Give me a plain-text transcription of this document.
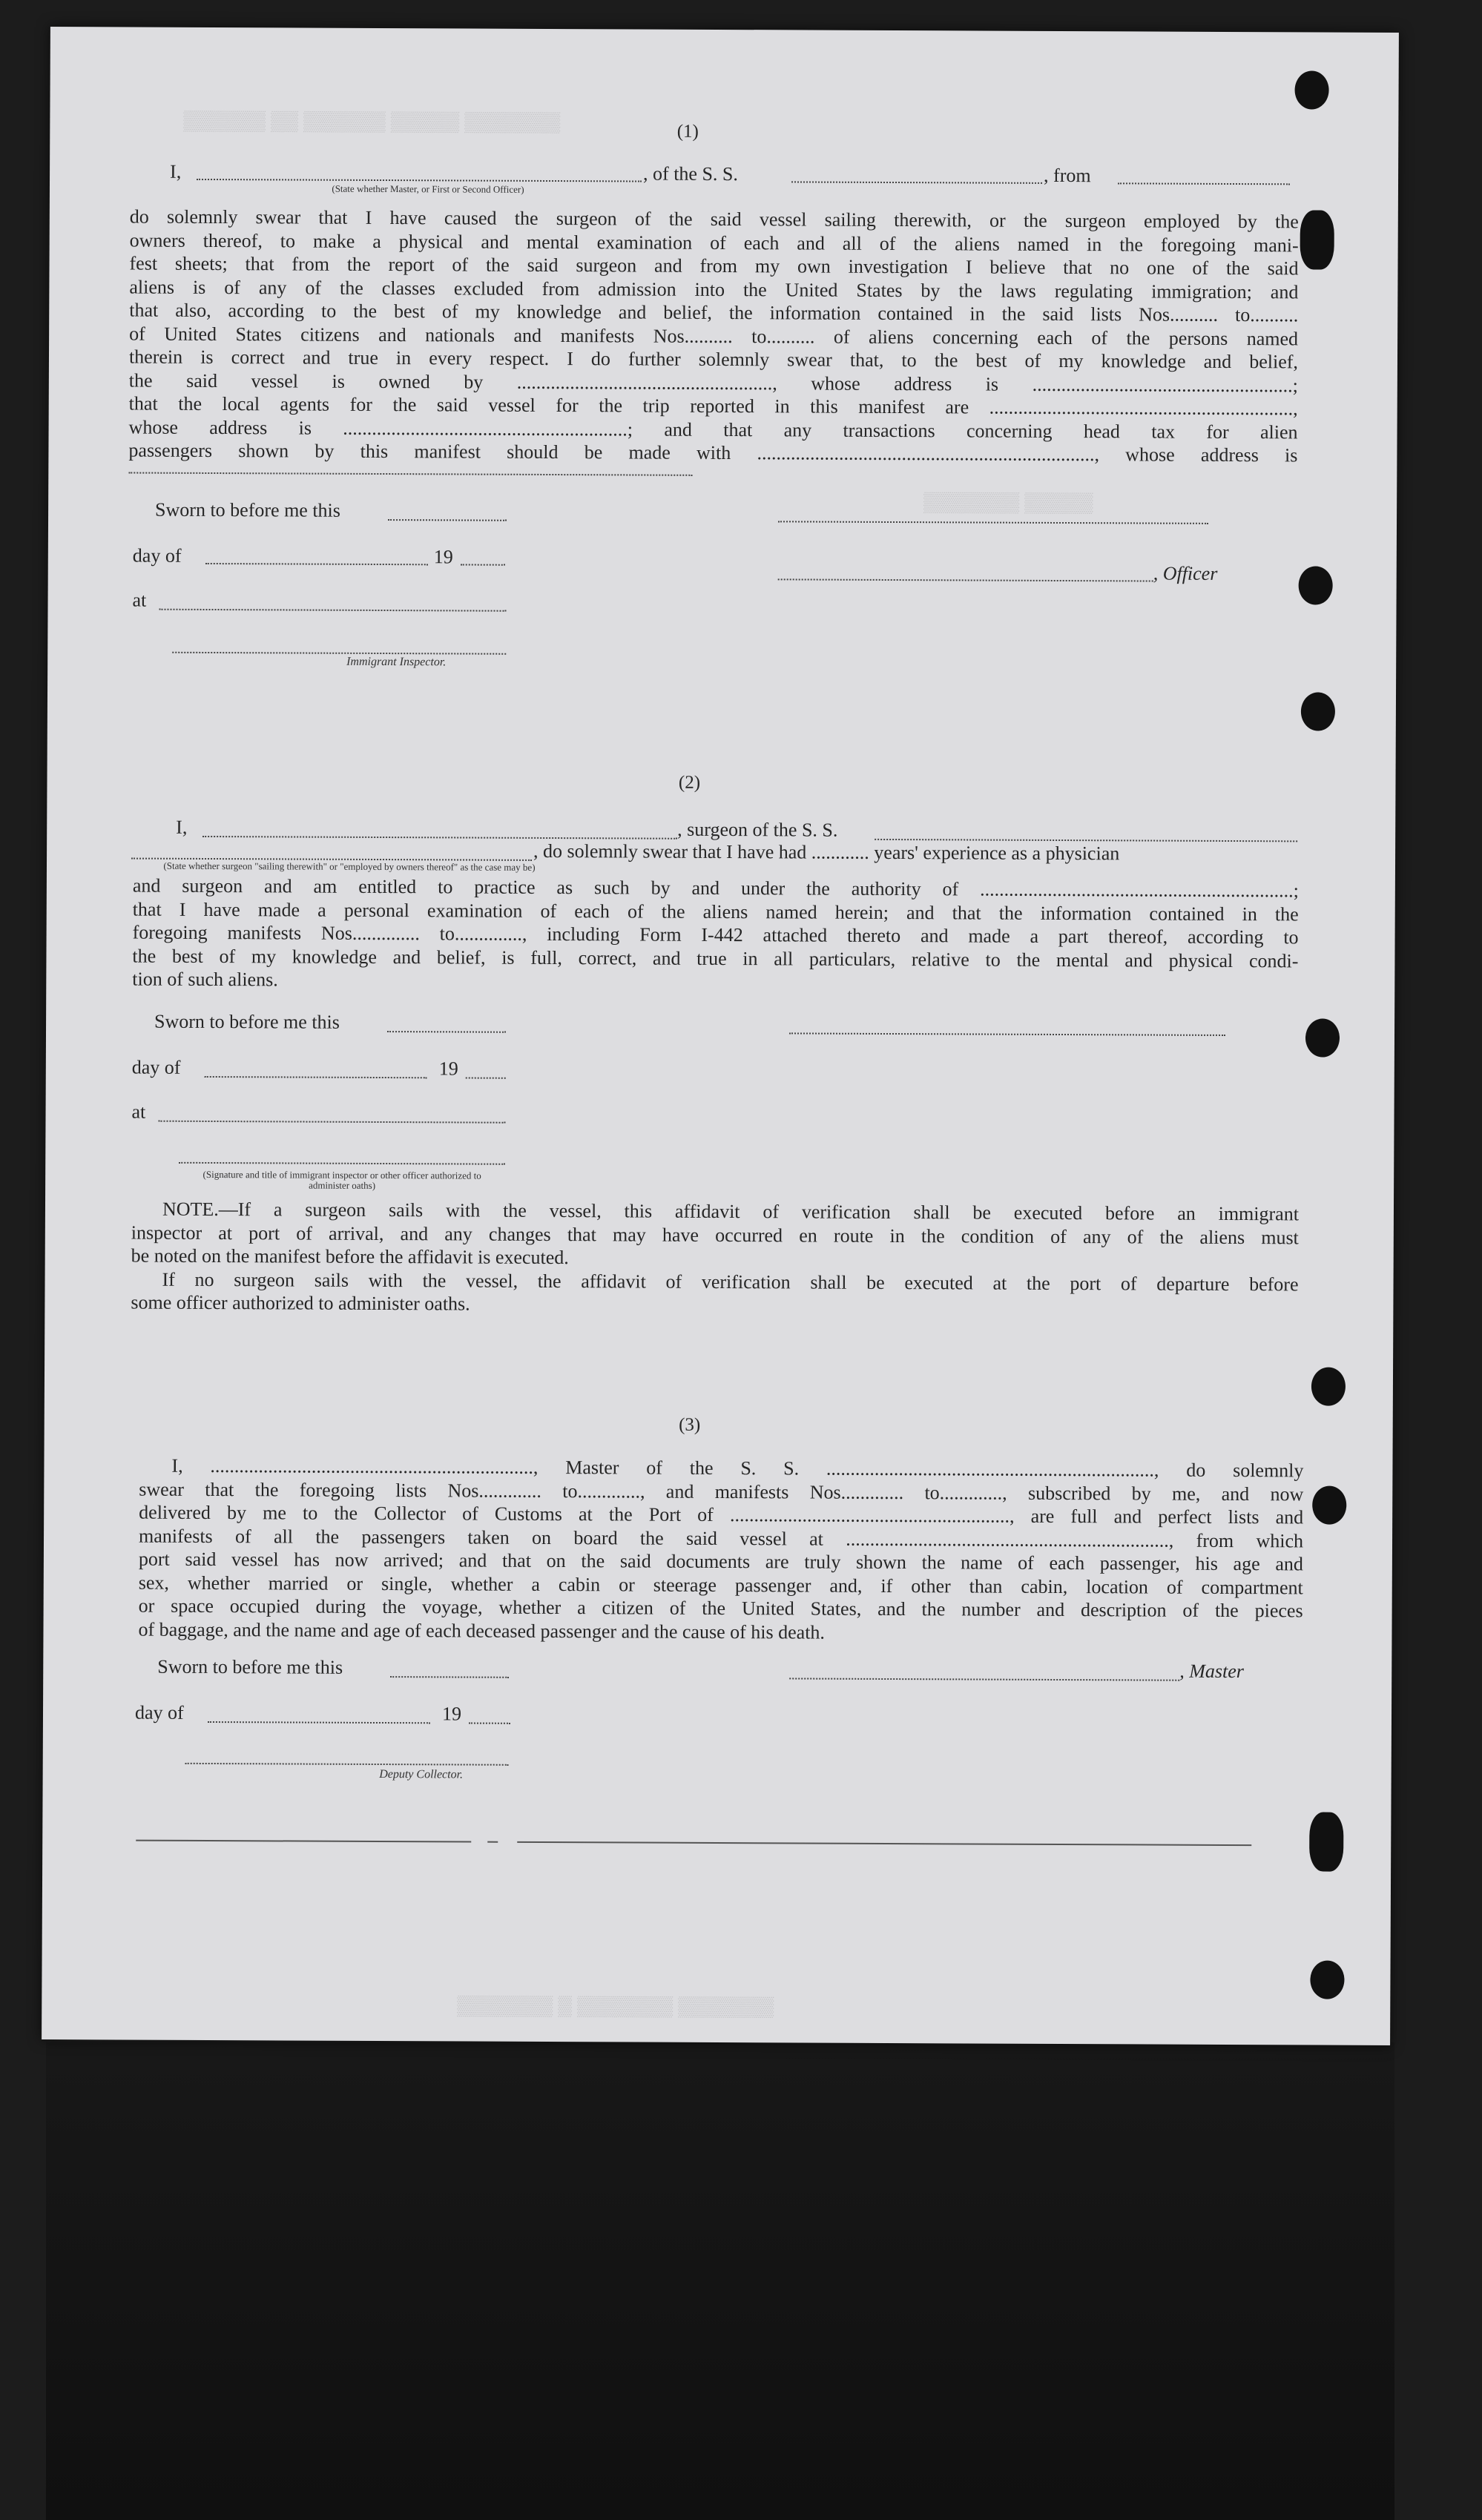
▒▒▒▒▒▒ ▒▒ ▒▒▒▒▒▒ ▒▒▒▒▒ ▒▒▒▒▒▒▒
▒▒▒▒▒▒▒ ▒▒▒▒▒
▒▒▒▒▒▒▒ ▒ ▒▒▒▒▒▒▒ ▒▒▒▒▒▒▒
(1)
I,	, of the S. S.	, from
(State whether Master, or First or Second Officer)
do solemnly swear that I have caused the surgeon of the said vessel sailing therewith, or the surgeon employed by the
owners thereof, to make a physical and mental examination of each and all of the aliens named in the foregoing mani-
fest sheets; that from the report of the said surgeon and from my own investigation I believe that no one of the said
aliens is of any of the classes excluded from admission into the United States by the laws regulating immigration; and
that also, according to the best of my knowledge and belief, the information contained in the said lists Nos.......... to..........
of United States citizens and nationals and manifests Nos.......... to.......... of aliens concerning each of the persons named
therein is correct and true in every respect. I do further solemnly swear that, to the best of my knowledge and belief,
the said vessel is owned by ....................................................., whose address is ......................................................;
that the local agents for the said vessel for the trip reported in this manifest are ...............................................................,
whose address is ...........................................................; and that any transactions concerning head tax for alien
passengers shown by this manifest should be made with ......................................................................, whose address is
Sworn to before me this
day of	19
, Officer
at
Immigrant Inspector.
(2)
I,	, surgeon of the S. S.
, do solemnly swear that I have had ............ years' experience as a physician
(State whether surgeon "sailing therewith" or "employed by owners thereof" as the case may be)
and surgeon and am entitled to practice as such by and under the authority of .................................................................;
that I have made a personal examination of each of the aliens named herein; and that the information contained in the
foregoing manifests Nos.............. to.............., including Form I-442 attached thereto and made a part thereof, according to
the best of my knowledge and belief, is full, correct, and true in all particulars, relative to the mental and physical condi-
tion of such aliens.
Sworn to before me this
day of	19
at
(Signature and title of immigrant inspector or other officer authorized to administer oaths)
NOTE.—If a surgeon sails with the vessel, this affidavit of verification shall be executed before an immigrant
inspector at port of arrival, and any changes that may have occurred en route in the condition of any of the aliens must
be noted on the manifest before the affidavit is executed.
If no surgeon sails with the vessel, the affidavit of verification shall be executed at the port of departure before
some officer authorized to administer oaths.
(3)
I, ..................................................................., Master of the S. S. ...................................................................., do solemnly
swear that the foregoing lists Nos............. to............., and manifests Nos............. to............., subscribed by me, and now
delivered by me to the Collector of Customs at the Port of .........................................................., are full and perfect lists and
manifests of all the passengers taken on board the said vessel at ..................................................................., from which
port said vessel has now arrived; and that on the said documents are truly shown the name of each passenger, his age and
sex, whether married or single, whether a cabin or steerage passenger and, if other than cabin, location of compartment
or space occupied during the voyage, whether a citizen of the United States, and the number and description of the pieces
of baggage, and the name and age of each deceased passenger and the cause of his death.
Sworn to before me this	, Master
day of	19
Deputy Collector.
